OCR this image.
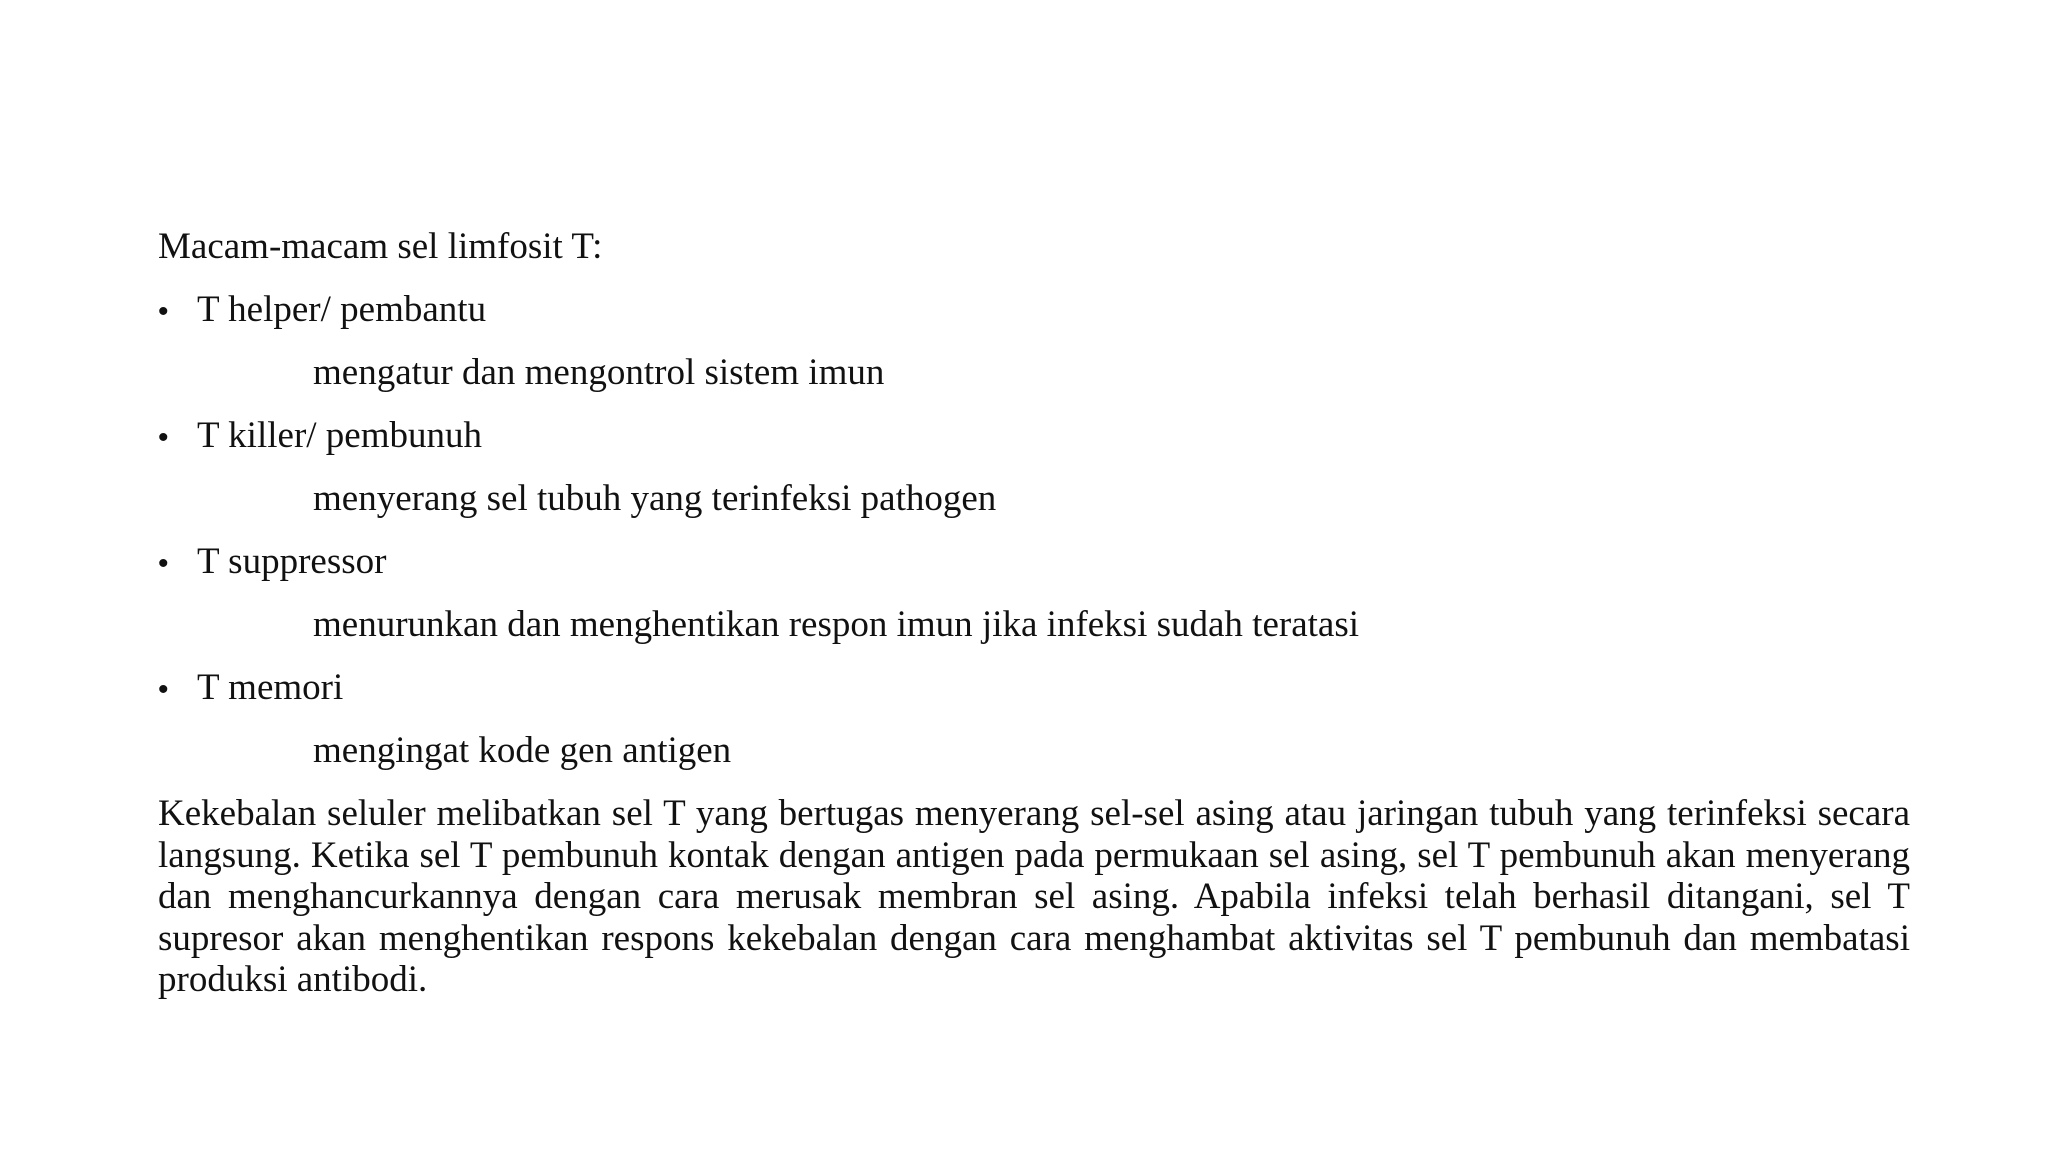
Macam-macam sel limfosit T:
• T helper/ pembantu
mengatur dan mengontrol sistem imun
• T killer/ pembunuh
menyerang sel tubuh yang terinfeksi pathogen
• T suppressor
menurunkan dan menghentikan respon imun jika infeksi sudah teratasi
• T memori
mengingat kode gen antigen

Kekebalan seluler melibatkan sel T yang bertugas menyerang sel-sel asing atau jaringan tubuh yang terinfeksi secara langsung. Ketika sel T pembunuh kontak dengan antigen pada permukaan sel asing, sel T pembunuh akan menyerang dan menghancurkannya dengan cara merusak membran sel asing. Apabila infeksi telah berhasil ditangani, sel T supresor akan menghentikan respons kekebalan dengan cara menghambat aktivitas sel T pembunuh dan membatasi produksi antibodi.
